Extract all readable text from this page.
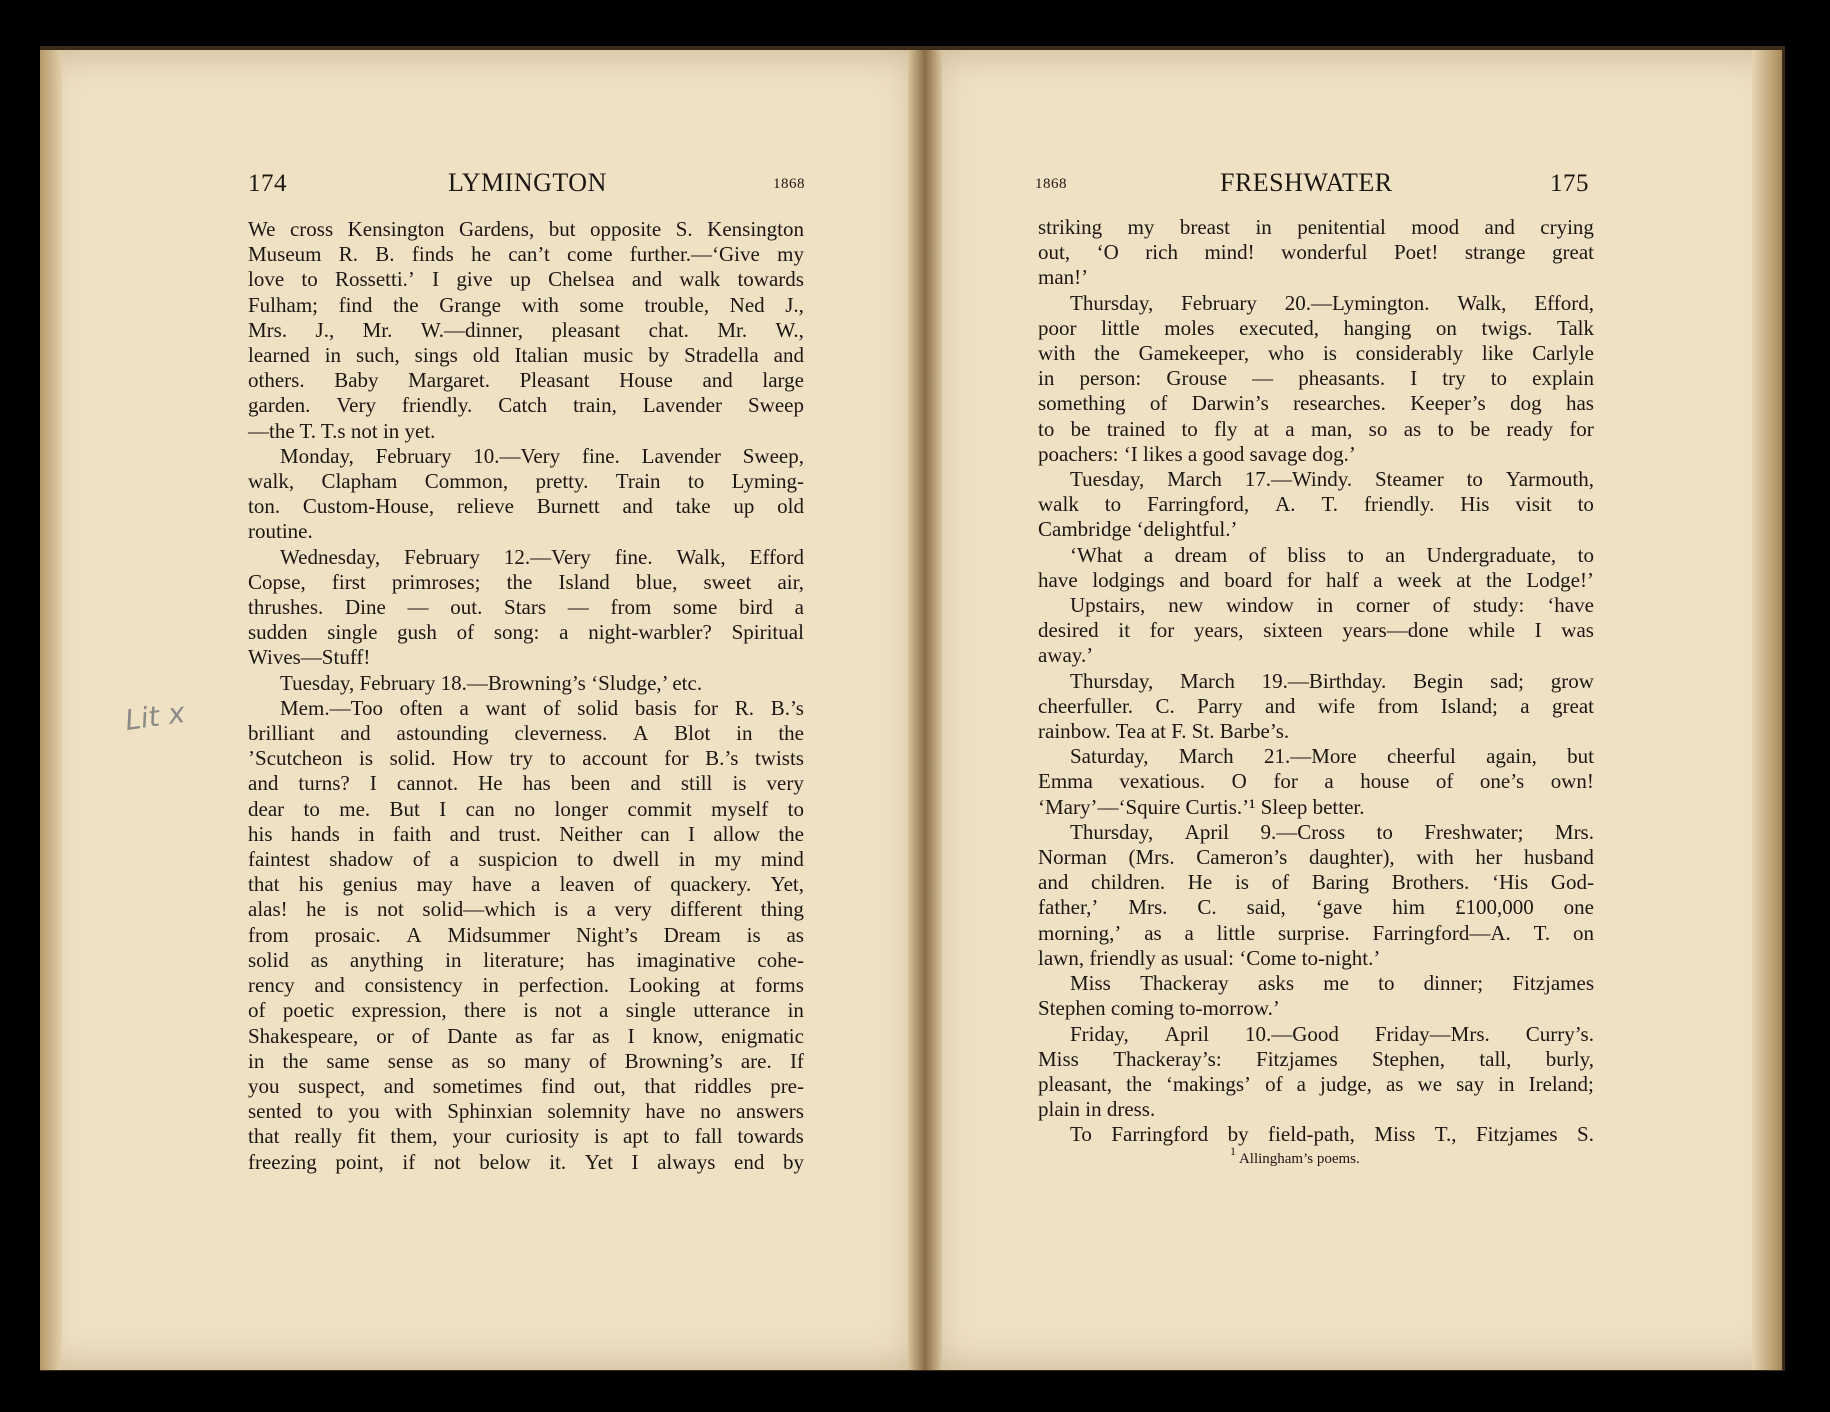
174	LYMINGTON	1868	1868	FRESHWATER	175
Lit x
We cross Kensington Gardens, but opposite S. Kensington
Museum R. B. finds he can’t come further.—‘Give my
love to Rossetti.’ I give up Chelsea and walk towards
Fulham; find the Grange with some trouble, Ned J.,
Mrs. J., Mr. W.—dinner, pleasant chat. Mr. W.,
learned in such, sings old Italian music by Stradella and
others. Baby Margaret. Pleasant House and large
garden. Very friendly. Catch train, Lavender Sweep
—the T. T.s not in yet.
Monday, February 10.—Very fine. Lavender Sweep,
walk, Clapham Common, pretty. Train to Lyming-
ton. Custom-House, relieve Burnett and take up old
routine.
Wednesday, February 12.—Very fine. Walk, Efford
Copse, first primroses; the Island blue, sweet air,
thrushes. Dine — out. Stars — from some bird a
sudden single gush of song: a night-warbler? Spiritual
Wives—Stuff!
Tuesday, February 18.—Browning’s ‘Sludge,’ etc.
Mem.—Too often a want of solid basis for R. B.’s
brilliant and astounding cleverness. A Blot in the
’Scutcheon is solid. How try to account for B.’s twists
and turns? I cannot. He has been and still is very
dear to me. But I can no longer commit myself to
his hands in faith and trust. Neither can I allow the
faintest shadow of a suspicion to dwell in my mind
that his genius may have a leaven of quackery. Yet,
alas! he is not solid—which is a very different thing
from prosaic. A Midsummer Night’s Dream is as
solid as anything in literature; has imaginative cohe-
rency and consistency in perfection. Looking at forms
of poetic expression, there is not a single utterance in
Shakespeare, or of Dante as far as I know, enigmatic
in the same sense as so many of Browning’s are. If
you suspect, and sometimes find out, that riddles pre-
sented to you with Sphinxian solemnity have no answers
that really fit them, your curiosity is apt to fall towards
freezing point, if not below it. Yet I always end by
striking my breast in penitential mood and crying
out, ‘O rich mind! wonderful Poet! strange great
man!’
Thursday, February 20.—Lymington. Walk, Efford,
poor little moles executed, hanging on twigs. Talk
with the Gamekeeper, who is considerably like Carlyle
in person: Grouse — pheasants. I try to explain
something of Darwin’s researches. Keeper’s dog has
to be trained to fly at a man, so as to be ready for
poachers: ‘I likes a good savage dog.’
Tuesday, March 17.—Windy. Steamer to Yarmouth,
walk to Farringford, A. T. friendly. His visit to
Cambridge ‘delightful.’
‘What a dream of bliss to an Undergraduate, to
have lodgings and board for half a week at the Lodge!’
Upstairs, new window in corner of study: ‘have
desired it for years, sixteen years—done while I was
away.’
Thursday, March 19.—Birthday. Begin sad; grow
cheerfuller. C. Parry and wife from Island; a great
rainbow. Tea at F. St. Barbe’s.
Saturday, March 21.—More cheerful again, but
Emma vexatious. O for a house of one’s own!
‘Mary’—‘Squire Curtis.’¹ Sleep better.
Thursday, April 9.—Cross to Freshwater; Mrs.
Norman (Mrs. Cameron’s daughter), with her husband
and children. He is of Baring Brothers. ‘His God-
father,’ Mrs. C. said, ‘gave him £100,000 one
morning,’ as a little surprise. Farringford—A. T. on
lawn, friendly as usual: ‘Come to-night.’
Miss Thackeray asks me to dinner; Fitzjames
Stephen coming to-morrow.’
Friday, April 10.—Good Friday—Mrs. Curry’s.
Miss Thackeray’s: Fitzjames Stephen, tall, burly,
pleasant, the ‘makings’ of a judge, as we say in Ireland;
plain in dress.
To Farringford by field-path, Miss T., Fitzjames S.
$^1$ Allingham’s poems.
